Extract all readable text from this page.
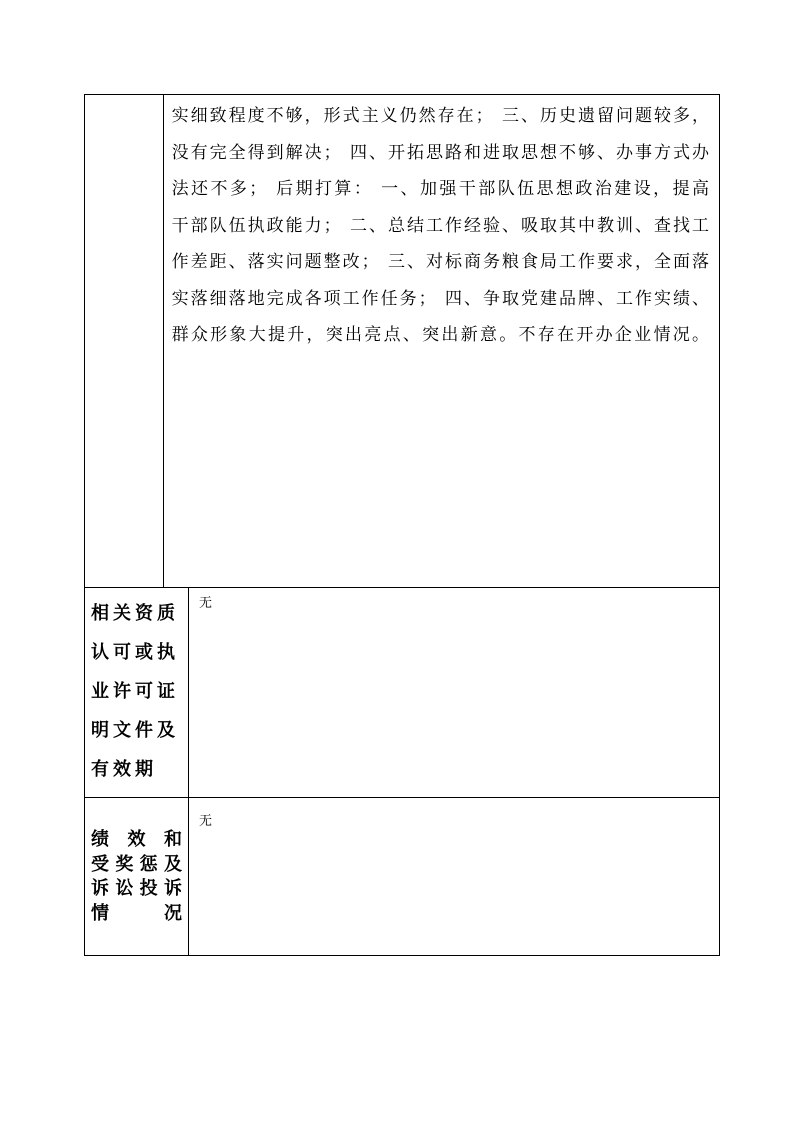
实细致程度不够，形式主义仍然存在； 三、历史遗留问题较多，
没有完全得到解决； 四、开拓思路和进取思想不够、办事方式办
法还不多； 后期打算： 一、加强干部队伍思想政治建设，提高
干部队伍执政能力； 二、总结工作经验、吸取其中教训、查找工
作差距、落实问题整改； 三、对标商务粮食局工作要求，全面落
实落细落地完成各项工作任务； 四、争取党建品牌、工作实绩、
群众形象大提升，突出亮点、突出新意。不存在开办企业情况。
相关资质
认可或执
业许可证
明文件及
有效期
无
绩 效 和
受奖惩及
诉讼投诉
情　　况
无
